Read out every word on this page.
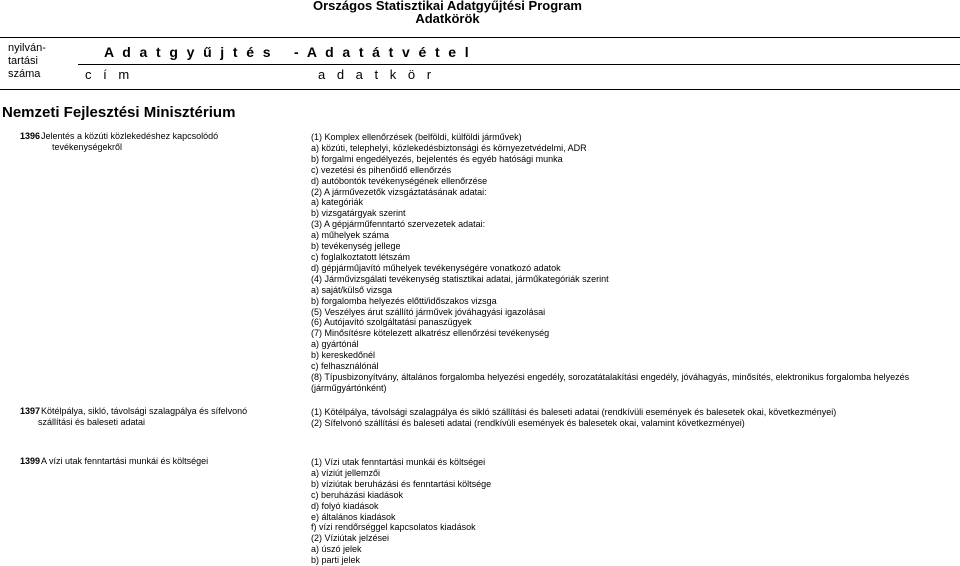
Országos Statisztikai Adatgyűjtési Program
Adatkörök
nyilván-
tartási
száma
A d a t g y ű j t é s
c í m
- A d a t á t v é t e l
a d a t k ö r
Nemzeti Fejlesztési Minisztérium
1396 Jelentés a közúti közlekedéshez kapcsolódó
tevékenységekről
(1) Komplex ellenőrzések (belföldi, külföldi járművek)
a) közúti, telephelyi, közlekedésbiztonsági és környezetvédelmi, ADR
b) forgalmi engedélyezés, bejelentés és egyéb hatósági munka
c) vezetési és pihenőidő ellenőrzés
d) autóbontók tevékenységének ellenőrzése
(2) A járművezetők vizsgáztatásának adatai:
a) kategóriák
b) vizsgatárgyak szerint
(3) A gépjárműfenntartó szervezetek adatai:
a) műhelyek száma
b) tevékenység jellege
c) foglalkoztatott létszám
d) gépjárműjavító műhelyek tevékenységére vonatkozó adatok
(4) Járművizsgálati tevékenység statisztikai adatai, járműkategóriák szerint
a) saját/külső vizsga
b) forgalomba helyezés előtti/időszakos vizsga
(5) Veszélyes árut szállító járművek jóváhagyási igazolásai
(6) Autójavító szolgáltatási panaszügyek
(7) Minősítésre kötelezett alkatrész ellenőrzési tevékenység
a) gyártónál
b) kereskedőnél
c) felhasználónál
(8) Típusbizonyítvány, általános forgalomba helyezési engedély, sorozatátalakítási engedély, jóváhagyás, minősítés, elektronikus forgalomba helyezés (járműgyártónként)
1397 Kötélpálya, sikló, távolsági szalagpálya és sífelvonó
szállítási és baleseti adatai
(1) Kötélpálya, távolsági szalagpálya és sikló szállítási és baleseti adatai (rendkívüli események és balesetek okai, következményei)
(2) Sífelvonó szállítási és baleseti adatai (rendkívüli események és balesetek okai, valamint következményei)
1399 A vízi utak fenntartási munkái és költségei	(1) Vízi utak fenntartási munkái és költségei
a) víziút jellemzői
b) víziútak beruházási és fenntartási költsége
c) beruházási kiadások
d) folyó kiadások
e) általános kiadások
f) vízi rendőrséggel kapcsolatos kiadások
(2) Víziútak jelzései
a) úszó jelek
b) parti jelek
